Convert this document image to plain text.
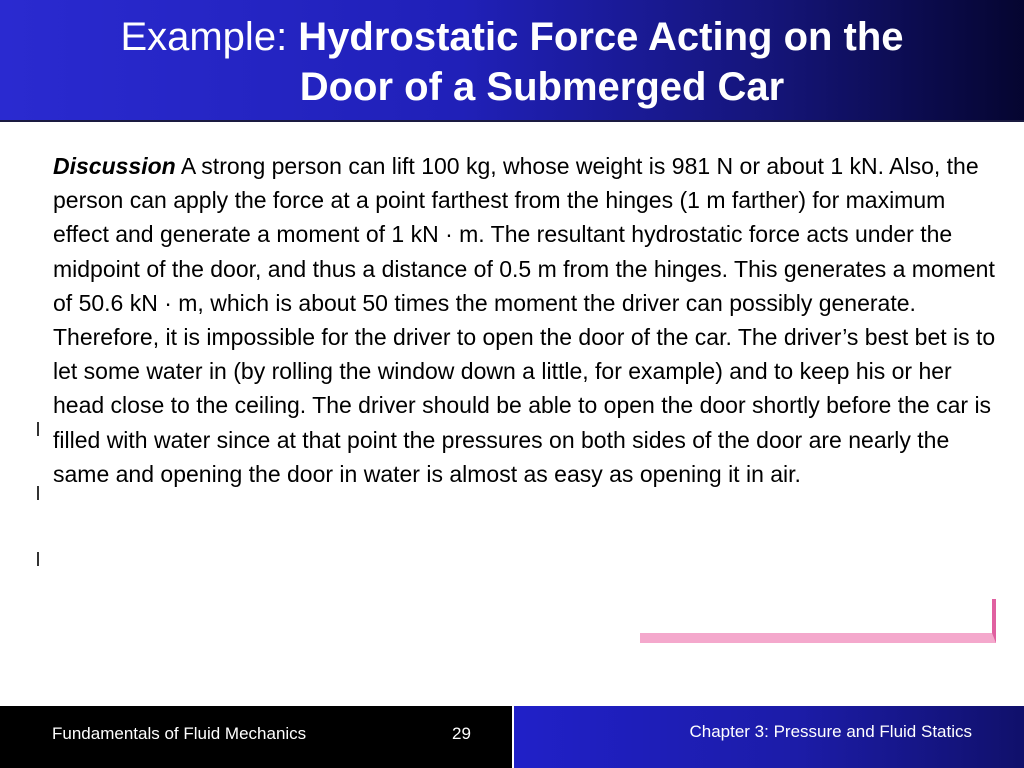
Example: Hydrostatic Force Acting on the
Door of a Submerged Car
Discussion A strong person can lift 100 kg, whose weight is 981 N or about 1 kN. Also, the person can apply the force at a point farthest from the hinges (1 m farther) for maximum effect and generate a moment of 1 kN · m. The resultant hydrostatic force acts under the midpoint of the door, and thus a distance of 0.5 m from the hinges. This generates a moment of 50.6 kN · m, which is about 50 times the moment the driver can possibly generate. Therefore, it is impossible for the driver to open the door of the car. The driver’s best bet is to let some water in (by rolling the window down a little, for example) and to keep his or her head close to the ceiling. The driver should be able to open the door shortly before the car is filled with water since at that point the pressures on both sides of the door are nearly the same and opening the door in water is almost as easy as opening it in air.
Fundamentals of Fluid Mechanics	29	Chapter 3: Pressure and Fluid Statics
